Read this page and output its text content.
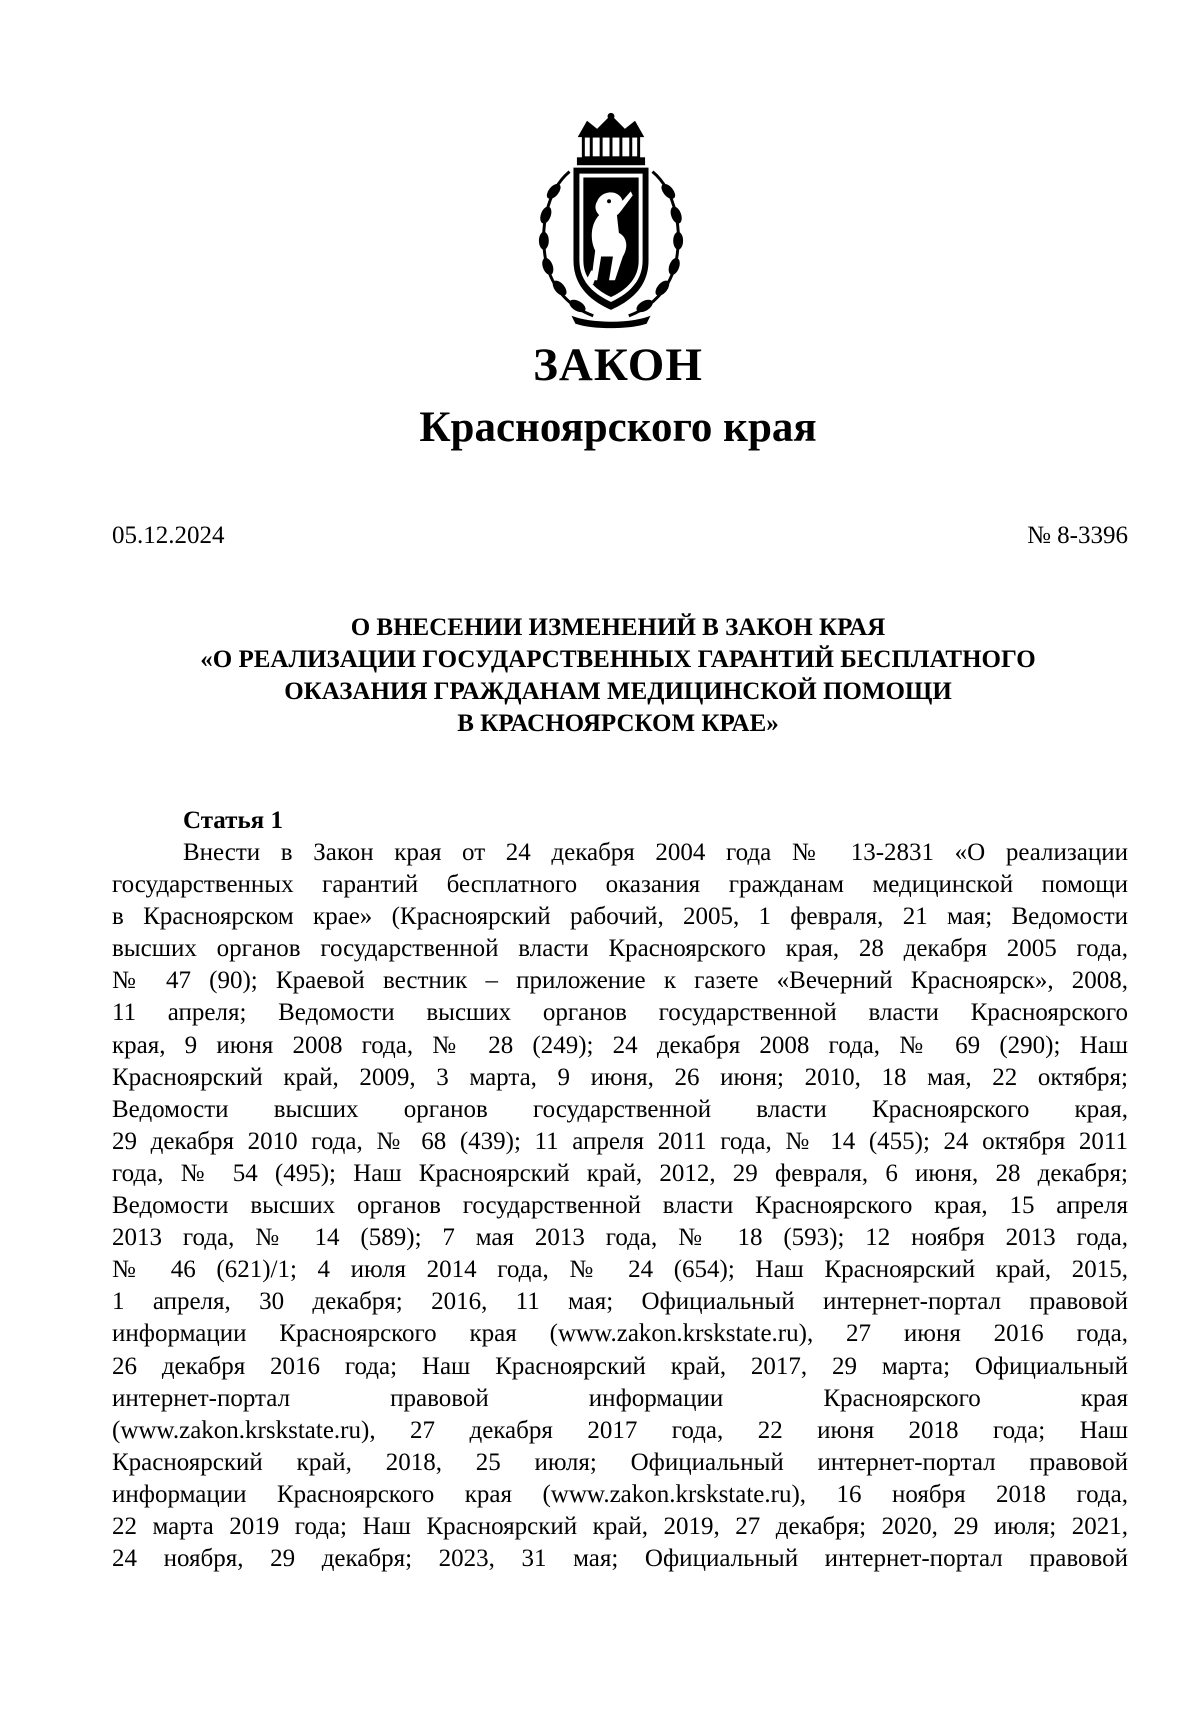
ЗАКОН
Красноярского края
05.12.2024	№ 8-3396
О ВНЕСЕНИИ ИЗМЕНЕНИЙ В ЗАКОН КРАЯ
«О РЕАЛИЗАЦИИ ГОСУДАРСТВЕННЫХ ГАРАНТИЙ БЕСПЛАТНОГО
ОКАЗАНИЯ ГРАЖДАНАМ МЕДИЦИНСКОЙ ПОМОЩИ
В КРАСНОЯРСКОМ КРАЕ»
Статья 1
Внести в Закон края от 24 декабря 2004 года № 13-2831 «О реализации
государственных гарантий бесплатного оказания гражданам медицинской помощи
в Красноярском крае» (Красноярский рабочий, 2005, 1 февраля, 21 мая; Ведомости
высших органов государственной власти Красноярского края, 28 декабря 2005 года,
№ 47 (90); Краевой вестник – приложение к газете «Вечерний Красноярск», 2008,
11 апреля; Ведомости высших органов государственной власти Красноярского
края, 9 июня 2008 года, № 28 (249); 24 декабря 2008 года, № 69 (290); Наш
Красноярский край, 2009, 3 марта, 9 июня, 26 июня; 2010, 18 мая, 22 октября;
Ведомости высших органов государственной власти Красноярского края,
29 декабря 2010 года, № 68 (439); 11 апреля 2011 года, № 14 (455); 24 октября 2011
года, № 54 (495); Наш Красноярский край, 2012, 29 февраля, 6 июня, 28 декабря;
Ведомости высших органов государственной власти Красноярского края, 15 апреля
2013 года, № 14 (589); 7 мая 2013 года, № 18 (593); 12 ноября 2013 года,
№ 46 (621)/1; 4 июля 2014 года, № 24 (654); Наш Красноярский край, 2015,
1 апреля, 30 декабря; 2016, 11 мая; Официальный интернет-портал правовой
информации Красноярского края (www.zakon.krskstate.ru), 27 июня 2016 года,
26 декабря 2016 года; Наш Красноярский край, 2017, 29 марта; Официальный
интернет-портал правовой информации Красноярского края
(www.zakon.krskstate.ru), 27 декабря 2017 года, 22 июня 2018 года; Наш
Красноярский край, 2018, 25 июля; Официальный интернет-портал правовой
информации Красноярского края (www.zakon.krskstate.ru), 16 ноября 2018 года,
22 марта 2019 года; Наш Красноярский край, 2019, 27 декабря; 2020, 29 июля; 2021,
24 ноября, 29 декабря; 2023, 31 мая; Официальный интернет-портал правовой
